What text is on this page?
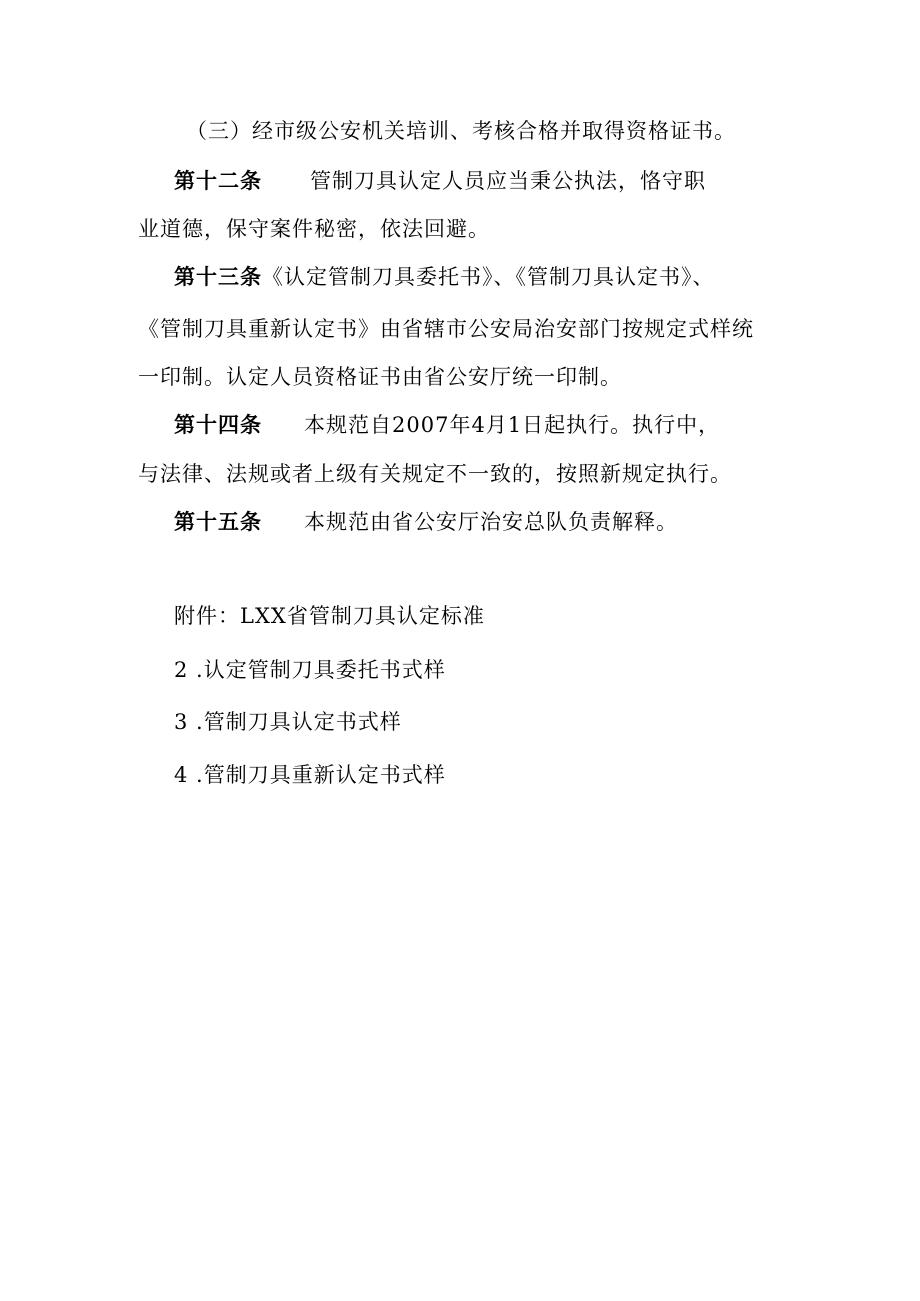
（三）经市级公安机关培训、考核合格并取得资格证书。
第十二条 管制刀具认定人员应当秉公执法，恪守职
业道德，保守案件秘密，依法回避。
第十三条《认定管制刀具委托书》、《管制刀具认定书》、
《管制刀具重新认定书》由省辖市公安局治安部门按规定式样统
一印制。认定人员资格证书由省公安厅统一印制。
第十四条 本规范自2007年4月1日起执行。执行中，
与法律、法规或者上级有关规定不一致的，按照新规定执行。
第十五条 本规范由省公安厅治安总队负责解释。
附件：LXX省管制刀具认定标准
2 .认定管制刀具委托书式样
3 .管制刀具认定书式样
4 .管制刀具重新认定书式样
